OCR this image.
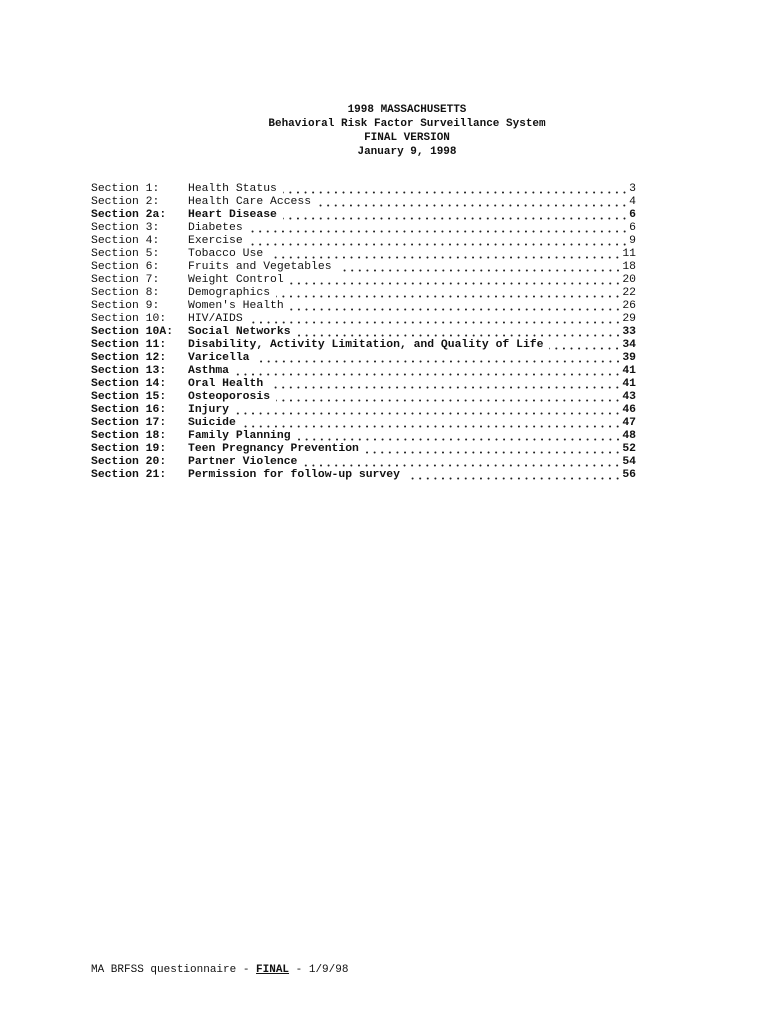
1998 MASSACHUSETTS
Behavioral Risk Factor Surveillance System
FINAL VERSION
January 9, 1998
Section 1:	Health Status	3
Section 2:	Health Care Access	4
Section 2a:	Heart Disease	6
Section 3:	Diabetes	6
Section 4:	Exercise	9
Section 5:	Tobacco Use	11
Section 6:	Fruits and Vegetables	18
Section 7:	Weight Control	20
Section 8:	Demographics	22
Section 9:	Women's Health	26
Section 10:	HIV/AIDS	29
Section 10A:	Social Networks	33
Section 11:	Disability, Activity Limitation, and Quality of Life	34
Section 12:	Varicella	39
Section 13:	Asthma	41
Section 14:	Oral Health	41
Section 15:	Osteoporosis	43
Section 16:	Injury	46
Section 17:	Suicide	47
Section 18:	Family Planning	48
Section 19:	Teen Pregnancy Prevention	52
Section 20:	Partner Violence	54
Section 21:	Permission for follow-up survey	56
MA BRFSS questionnaire - FINAL - 1/9/98
